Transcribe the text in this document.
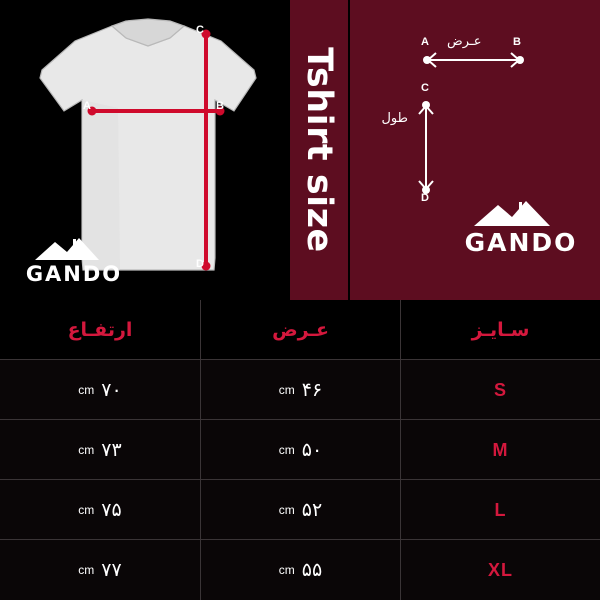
A	B
C
D
GANDO
Tshirt size
A	B
C
D
عـرض
طول
GANDO
ارتفـاع	عـرض	سـایـز
cm ۷۰	cm ۴۶	S
cm ۷۳	cm ۵۰	M
cm ۷۵	cm ۵۲	L
cm ۷۷	cm ۵۵	XL
